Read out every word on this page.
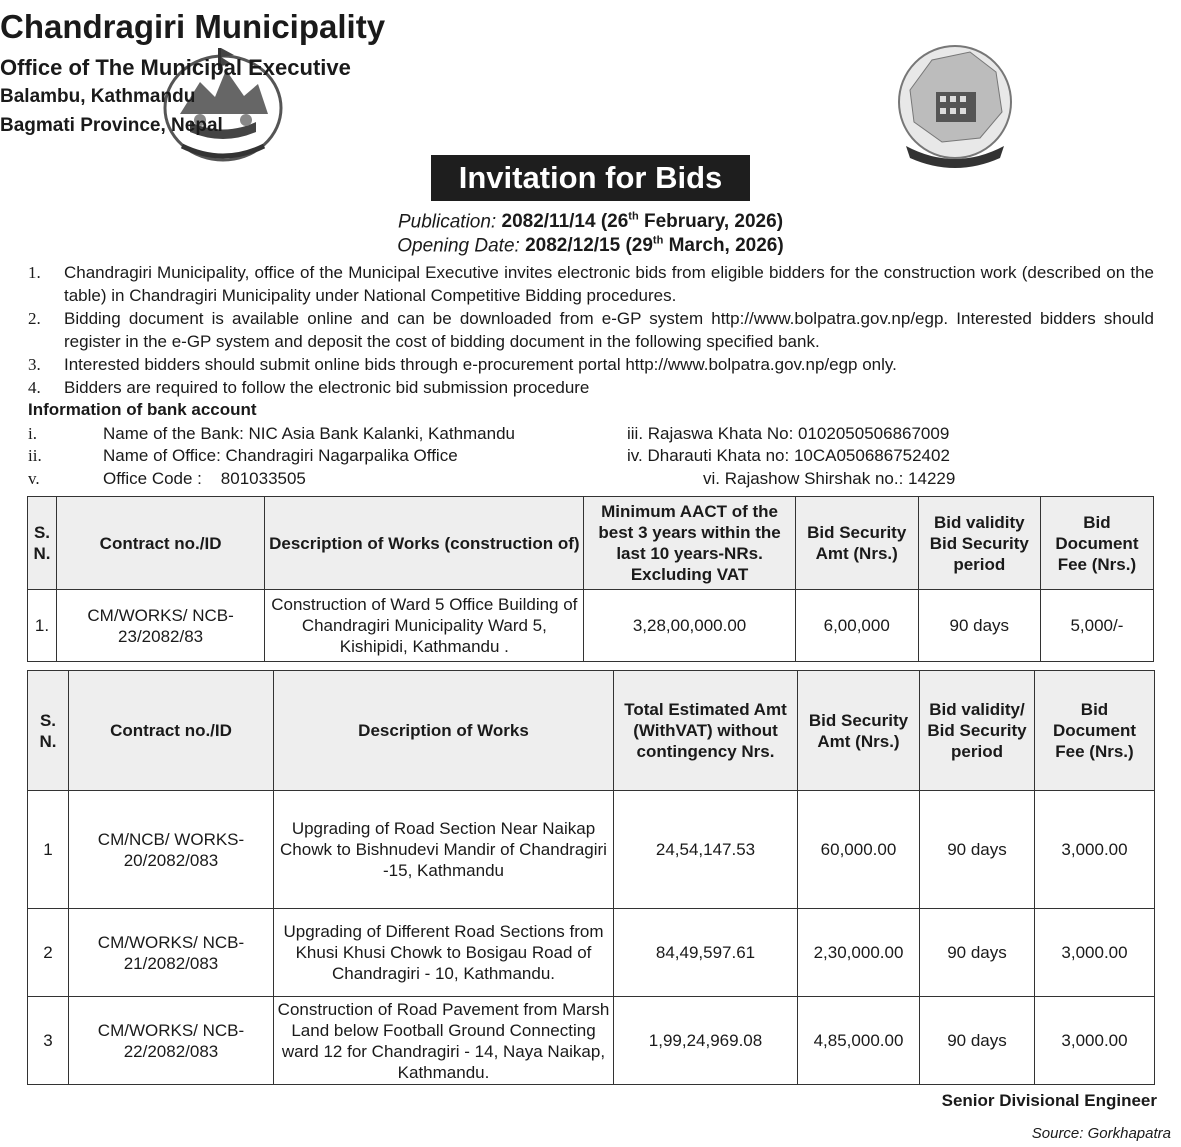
Chandragiri Municipality
Office of The Municipal Executive
Balambu, Kathmandu
Bagmati Province, Nepal
Invitation for Bids
Publication: 2082/11/14 (26th February, 2026)
Opening Date: 2082/12/15 (29th March, 2026)
1. Chandragiri Municipality, office of the Municipal Executive invites electronic bids from eligible bidders for the construction work (described on the table) in Chandragiri Municipality under National Competitive Bidding procedures.
2. Bidding document is available online and can be downloaded from e-GP system http://www.bolpatra.gov.np/egp. Interested bidders should register in the e-GP system and deposit the cost of bidding document in the following specified bank.
3. Interested bidders should submit online bids through e-procurement portal http://www.bolpatra.gov.np/egp only.
4. Bidders are required to follow the electronic bid submission procedure
Information of bank account
i.	Name of the Bank: NIC Asia Bank Kalanki, Kathmandu
ii.	Name of Office: Chandragiri Nagarpalika Office
v.	Office Code :    801033505
iii. Rajaswa Khata No: 0102050506867009
iv. Dharauti Khata no: 10CA050686752402
vi. Rajashow Shirshak no.: 14229
S. N.	Contract no./ID	Description of Works (construction of)	Minimum AACT of the best 3 years within the last 10 years-NRs. Excluding VAT	Bid Security Amt (Nrs.)	Bid validity Bid Security period	Bid Document Fee (Nrs.)
1.	CM/WORKS/ NCB-23/2082/83	Construction of Ward 5 Office Building of Chandragiri Municipality Ward 5, Kishipidi, Kathmandu .	3,28,00,000.00	6,00,000	90 days	5,000/-
S. N.	Contract no./ID	Description of Works	Total Estimated Amt (WithVAT) without contingency Nrs.	Bid Security Amt (Nrs.)	Bid validity/ Bid Security period	Bid Document Fee (Nrs.)
1	CM/NCB/ WORKS-20/2082/083	Upgrading of Road Section Near Naikap Chowk to Bishnudevi Mandir of Chandragiri -15, Kathmandu	24,54,147.53	60,000.00	90 days	3,000.00
2	CM/WORKS/ NCB-21/2082/083	Upgrading of Different Road Sections from Khusi Khusi Chowk to Bosigau Road of Chandragiri - 10, Kathmandu.	84,49,597.61	2,30,000.00	90 days	3,000.00
3	CM/WORKS/ NCB-22/2082/083	Construction of Road Pavement from Marsh Land below Football Ground Connecting ward 12 for Chandragiri - 14, Naya Naikap, Kathmandu.	1,99,24,969.08	4,85,000.00	90 days	3,000.00
Senior Divisional Engineer
Source: Gorkhapatra
